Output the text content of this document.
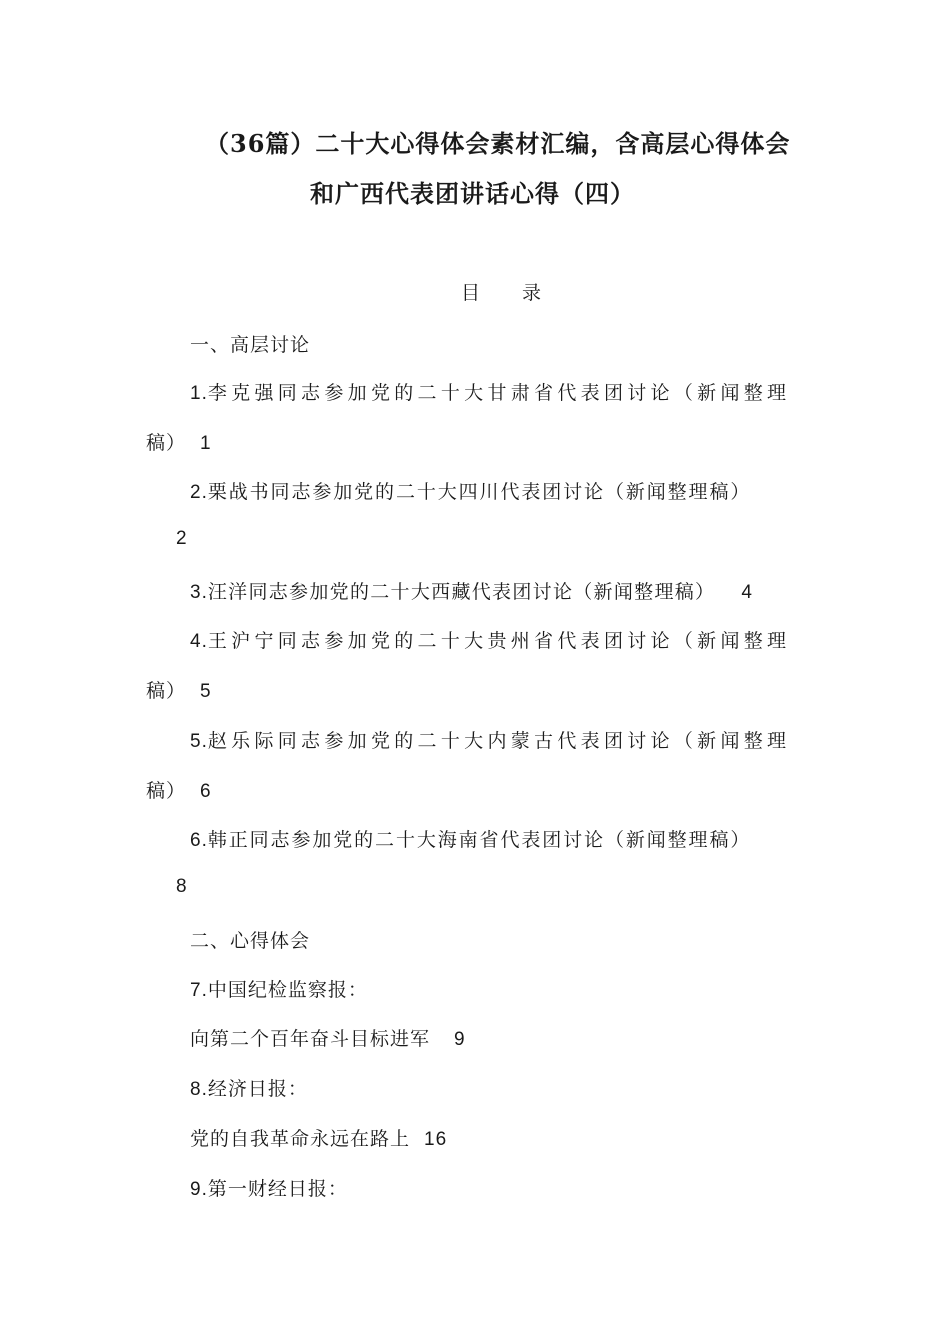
（36篇）二十大心得体会素材汇编，含高层心得体会
和广西代表团讲话心得（四）
目录
一、高层讨论
1.李克强同志参加党的二十大甘肃省代表团讨论（新闻整理
稿） 1
2.栗战书同志参加党的二十大四川代表团讨论（新闻整理稿）
2
3.汪洋同志参加党的二十大西藏代表团讨论（新闻整理稿） 4
4.王沪宁同志参加党的二十大贵州省代表团讨论（新闻整理
稿） 5
5.赵乐际同志参加党的二十大内蒙古代表团讨论（新闻整理
稿） 6
6.韩正同志参加党的二十大海南省代表团讨论（新闻整理稿）
8
二、心得体会
7.中国纪检监察报：
向第二个百年奋斗目标进军 9
8.经济日报：
党的自我革命永远在路上 16
9.第一财经日报：
